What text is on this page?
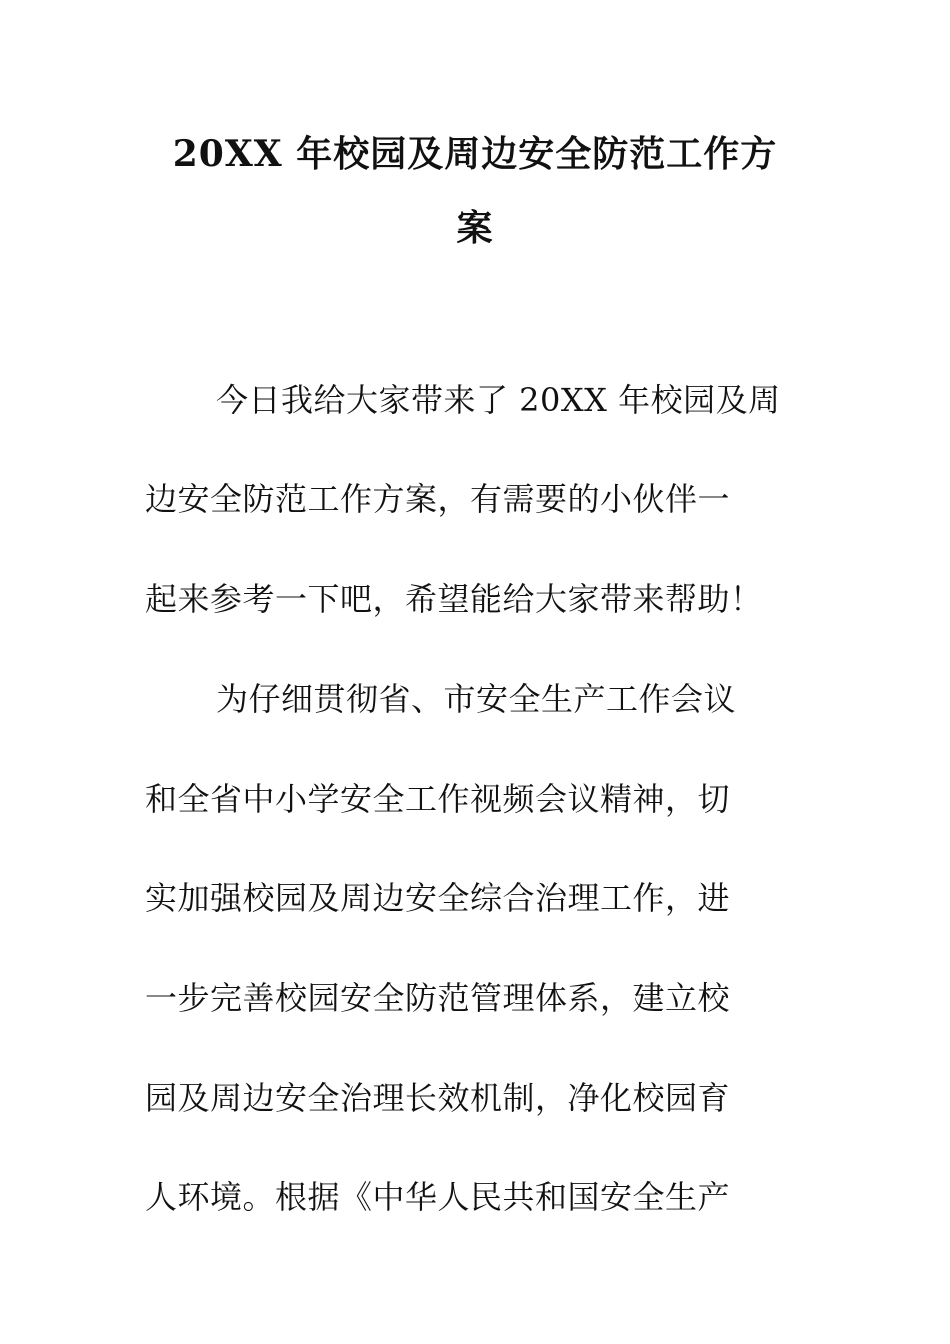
20XX 年校园及周边安全防范工作方
案
今日我给大家带来了 20XX 年校园及周
边安全防范工作方案，有需要的小伙伴一
起来参考一下吧，希望能给大家带来帮助！
为仔细贯彻省、市安全生产工作会议
和全省中小学安全工作视频会议精神，切
实加强校园及周边安全综合治理工作，进
一步完善校园安全防范管理体系，建立校
园及周边安全治理长效机制，净化校园育
人环境。根据《中华人民共和国安全生产
